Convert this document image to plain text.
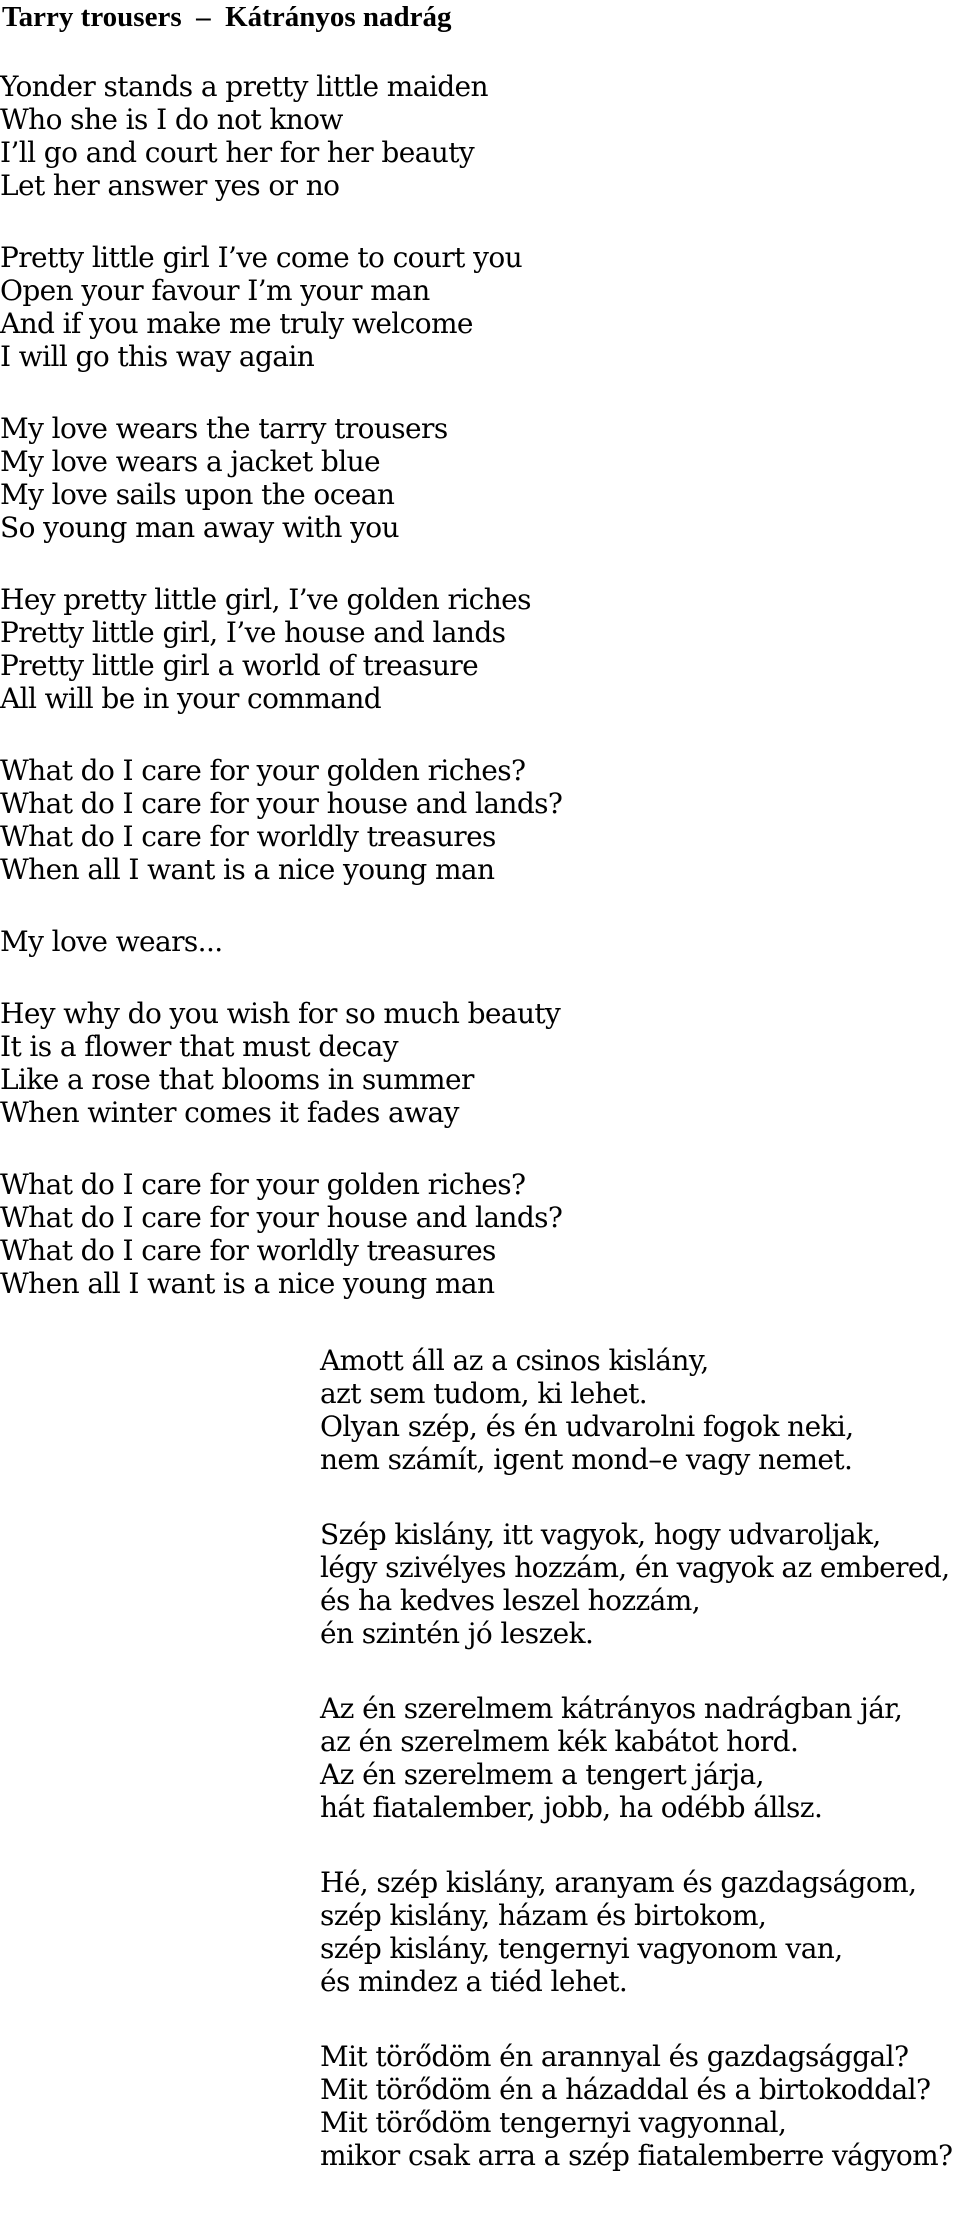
Tarry trousers  –  Kátrányos nadrág
Yonder stands a pretty little maiden
Who she is I do not know
I’ll go and court her for her beauty
Let her answer yes or no
Pretty little girl I’ve come to court you
Open your favour I’m your man
And if you make me truly welcome
I will go this way again
My love wears the tarry trousers
My love wears a jacket blue
My love sails upon the ocean
So young man away with you
Hey pretty little girl, I’ve golden riches
Pretty little girl, I’ve house and lands
Pretty little girl a world of treasure
All will be in your command
What do I care for your golden riches?
What do I care for your house and lands?
What do I care for worldly treasures
When all I want is a nice young man
My love wears...
Hey why do you wish for so much beauty
It is a flower that must decay
Like a rose that blooms in summer
When winter comes it fades away
What do I care for your golden riches?
What do I care for your house and lands?
What do I care for worldly treasures
When all I want is a nice young man
Amott áll az a csinos kislány,
azt sem tudom, ki lehet.
Olyan szép, és én udvarolni fogok neki,
nem számít, igent mond–e vagy nemet.
Szép kislány, itt vagyok, hogy udvaroljak,
légy szivélyes hozzám, én vagyok az embered,
és ha kedves leszel hozzám,
én szintén jó leszek.
Az én szerelmem kátrányos nadrágban jár,
az én szerelmem kék kabátot hord.
Az én szerelmem a tengert járja,
hát fiatalember, jobb, ha odébb állsz.
Hé, szép kislány, aranyam és gazdagságom,
szép kislány, házam és birtokom,
szép kislány, tengernyi vagyonom van,
és mindez a tiéd lehet.
Mit törődöm én arannyal és gazdagsággal?
Mit törődöm én a házaddal és a birtokoddal?
Mit törődöm tengernyi vagyonnal,
mikor csak arra a szép fiatalemberre vágyom?
